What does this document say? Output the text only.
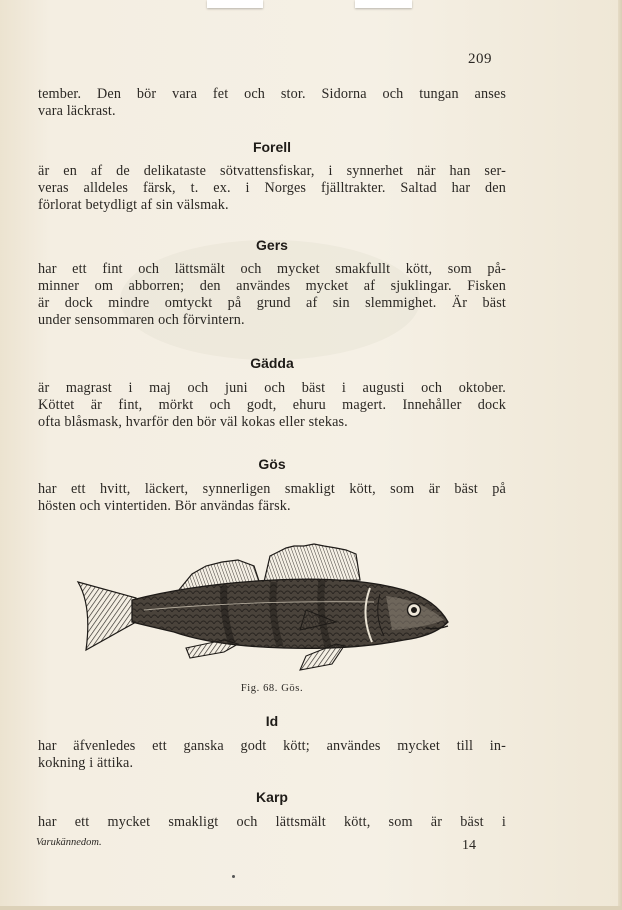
209
tember. Den bör vara fet och stor. Sidorna och tungan anses
vara läckrast.
Forell
är en af de delikataste sötvattensfiskar, i synnerhet när han ser-
veras alldeles färsk, t. ex. i Norges fjälltrakter. Saltad har den
förlorat betydligt af sin välsmak.
Gers
har ett fint och lättsmält och mycket smakfullt kött, som på-
minner om abborren; den användes mycket af sjuklingar. Fisken
är dock mindre omtyckt på grund af sin slemmighet. Är bäst
under sensommaren och förvintern.
Gädda
är magrast i maj och juni och bäst i augusti och oktober.
Köttet är fint, mörkt och godt, ehuru magert. Innehåller dock
ofta blåsmask, hvarför den bör väl kokas eller stekas.
Gös
har ett hvitt, läckert, synnerligen smakligt kött, som är bäst på
hösten och vintertiden. Bör användas färsk.
Fig. 68. Gös.
Id
har äfvenledes ett ganska godt kött; användes mycket till in-
kokning i ättika.
Karp
har ett mycket smakligt och lättsmält kött, som är bäst i
Varukännedom.	14
